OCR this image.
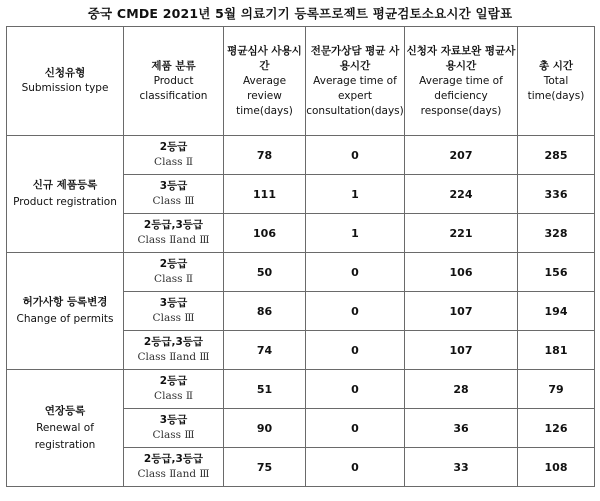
중국 CMDE 2021년 5월 의료기기 등록프로젝트 평균검토소요시간 일람표
신청유형
Submission type	제품 분류
Product
classification	평균심사 사용시간
Average
review
time(days)	전문가상담 평균 사용시간
Average time of
expert
consultation(days)	신청자 자료보완 평균사용시간
Average time of
deficiency
response(days)	총 시간
Total
time(days)

신규 제품등록
Product registration	2등급
Class Ⅱ	78	0	207	285

	3등급
Class Ⅲ	111	1	224	336

	2등급,3등급
Class Ⅱand Ⅲ	106	1	221	328

허가사항 등록변경
Change of permits	2등급
Class Ⅱ	50	0	106	156

	3등급
Class Ⅲ	86	0	107	194

	2등급,3등급
Class Ⅱand Ⅲ	74	0	107	181

연장등록
Renewal of
registration	2등급
Class Ⅱ	51	0	28	79

	3등급
Class Ⅲ	90	0	36	126

	2등급,3등급
Class Ⅱand Ⅲ	75	0	33	108
